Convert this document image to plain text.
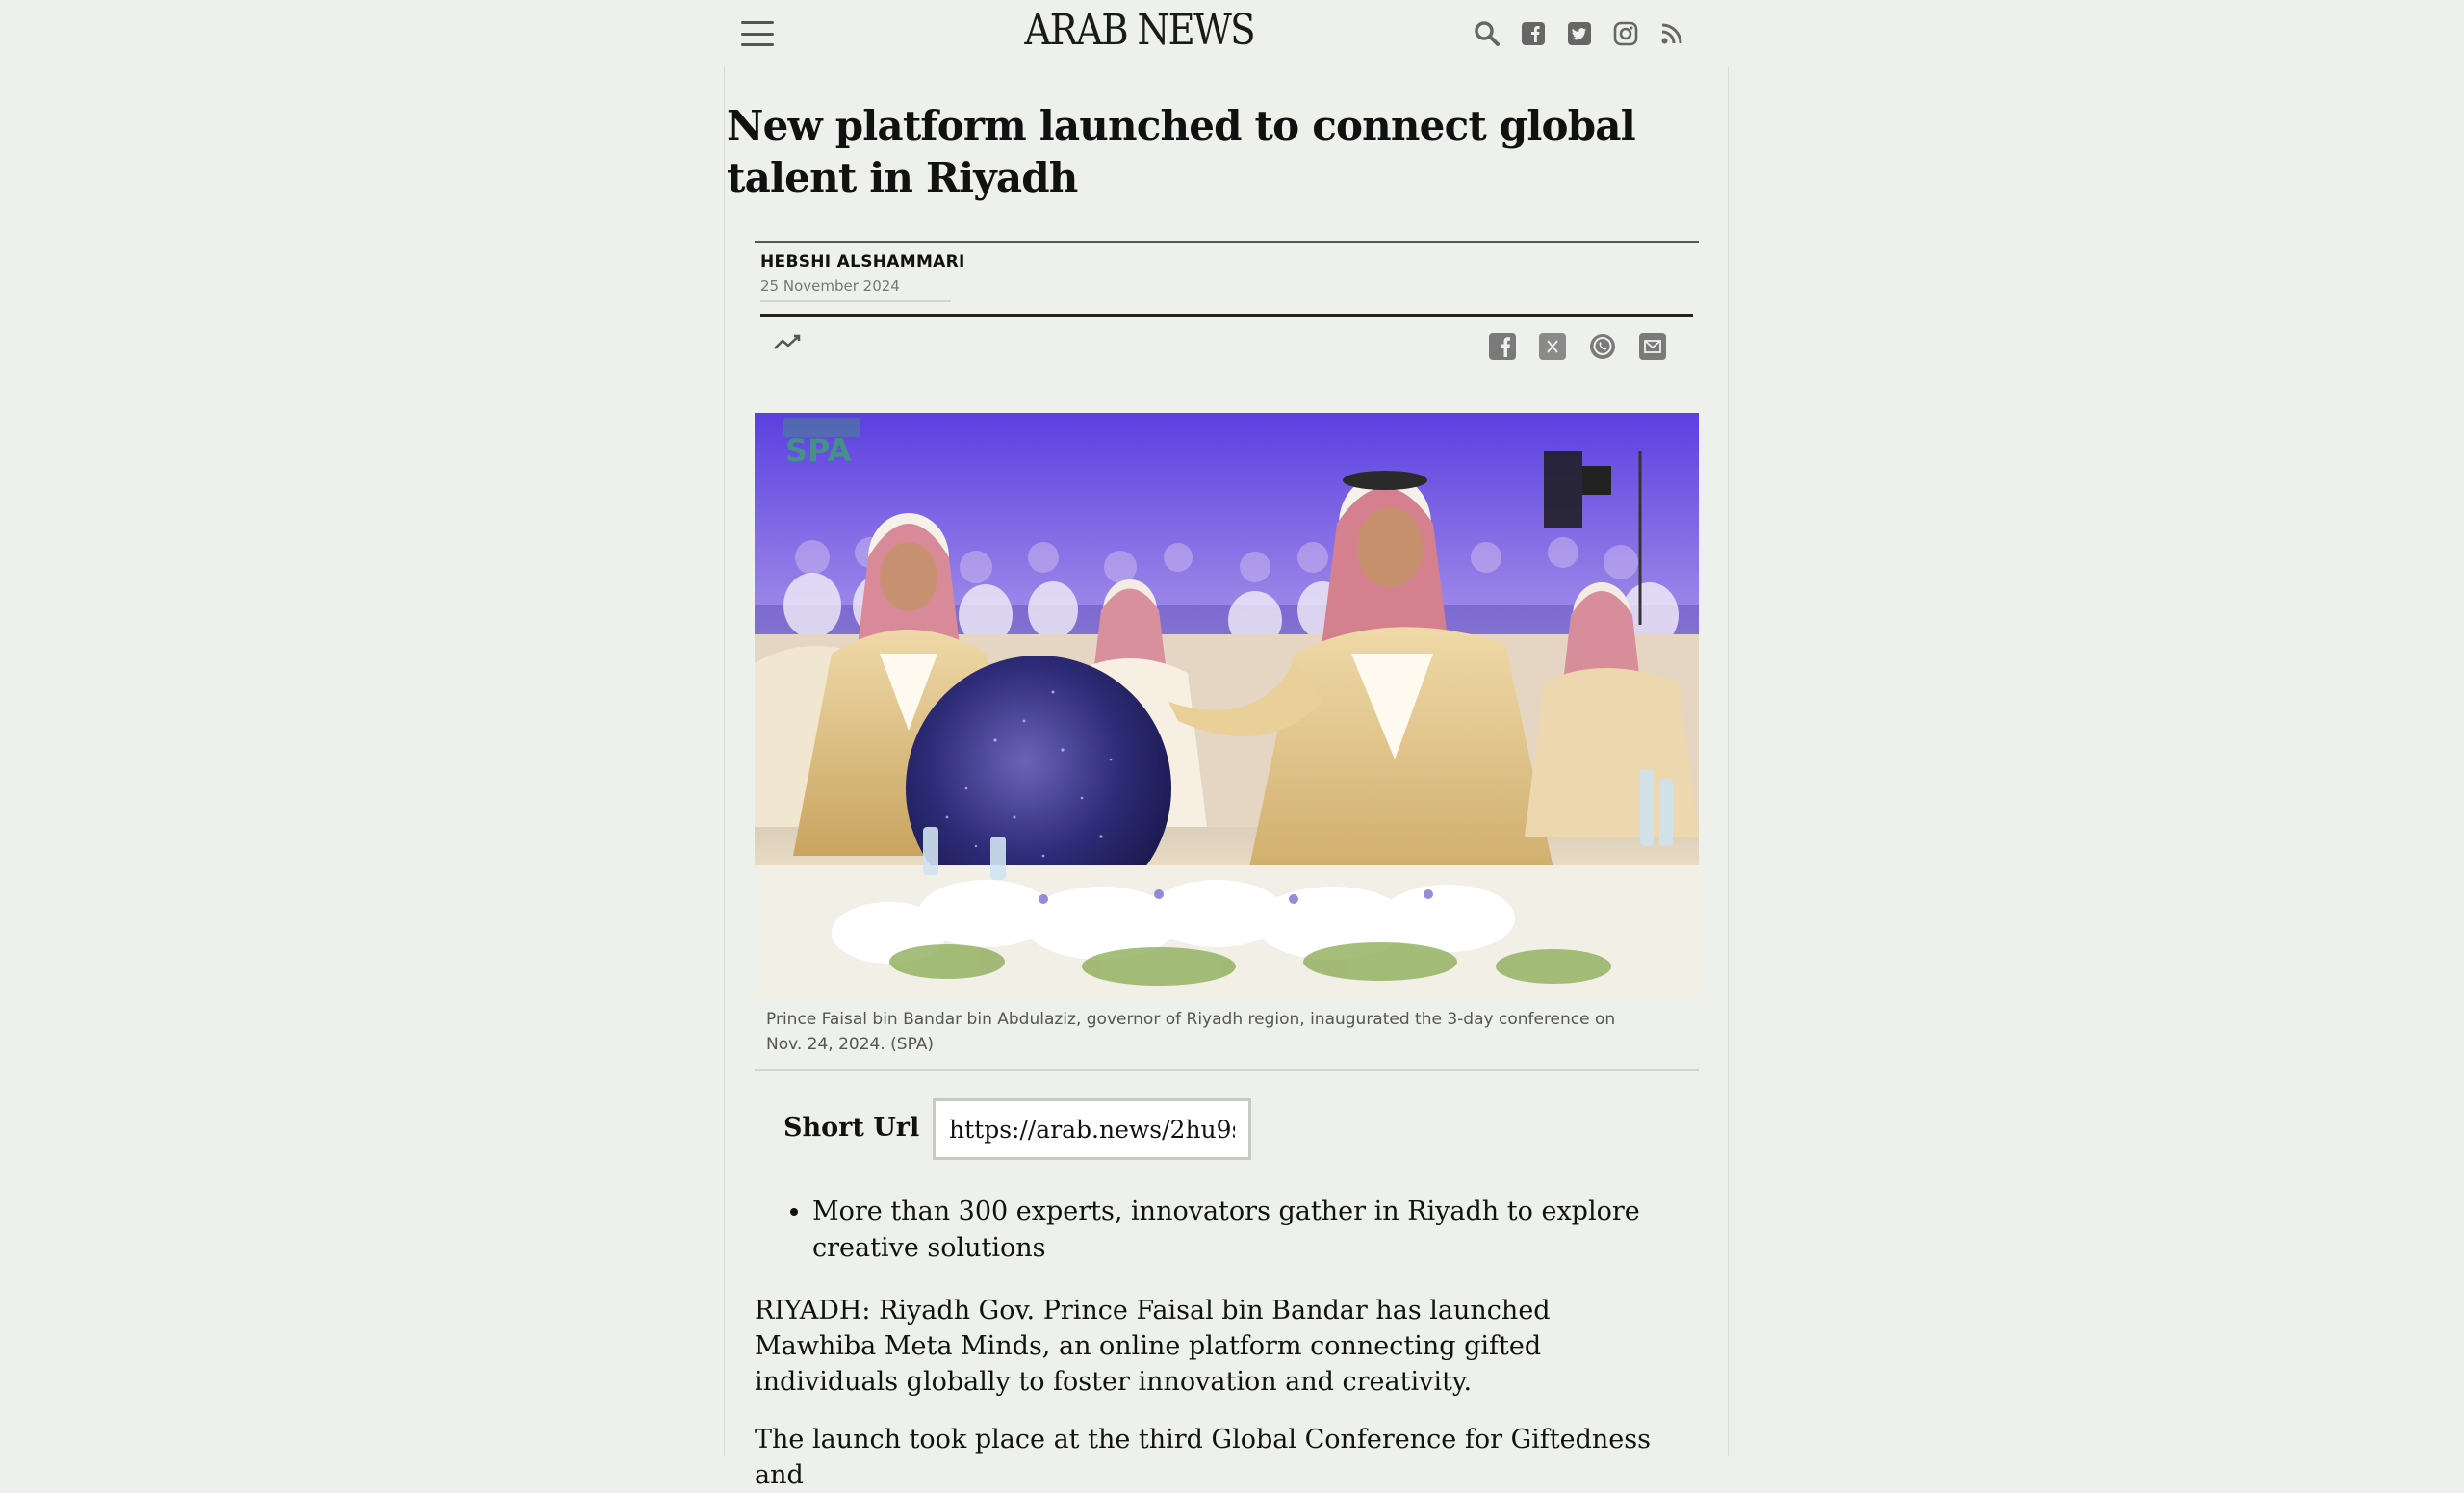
ARAB NEWS
New platform launched to connect global talent in Riyadh
HEBSHI ALSHAMMARI
25 November 2024
SPA
Prince Faisal bin Bandar bin Abdulaziz, governor of Riyadh region, inaugurated the 3-day conference on Nov. 24, 2024. (SPA)
Short Url
https://arab.news/2hu9s
• More than 300 experts, innovators gather in Riyadh to explore creative solutions

RIYADH: Riyadh Gov. Prince Faisal bin Bandar has launched Mawhiba Meta Minds, an online platform connecting gifted individuals globally to foster innovation and creativity.

The launch took place at the third Global Conference for Giftedness and
